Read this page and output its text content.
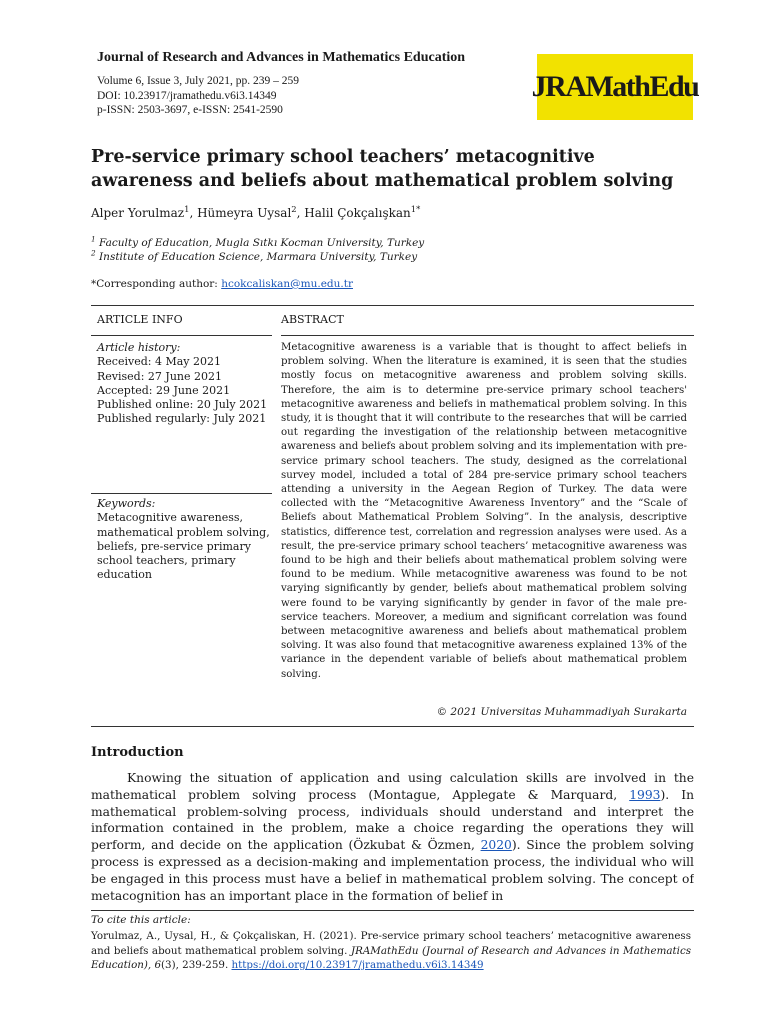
Journal of Research and Advances in Mathematics Education
Volume 6, Issue 3, July 2021, pp. 239 – 259
DOI: 10.23917/jramathedu.v6i3.14349
p-ISSN: 2503-3697, e-ISSN: 2541-2590
JRAMathEdu
Pre-service primary school teachers’ metacognitive awareness and beliefs about mathematical problem solving
Alper Yorulmaz$^1$, Hümeyra Uysal$^2$, Halil Çokçalışkan$^{1*}$
$^1$ Faculty of Education, Mugla Sıtkı Kocman University, Turkey
$^2$ Institute of Education Science, Marmara University, Turkey
*Corresponding author: hcokcaliskan@mu.edu.tr
ARTICLE INFO	ABSTRACT
Article history:
Received: 4 May 2021
Revised: 27 June 2021
Accepted: 29 June 2021
Published online: 20 July 2021
Published regularly: July 2021
Keywords:
Metacognitive awareness, mathematical problem solving, beliefs, pre-service primary school teachers, primary education
Metacognitive awareness is a variable that is thought to affect beliefs in problem solving. When the literature is examined, it is seen that the studies mostly focus on metacognitive awareness and problem solving skills. Therefore, the aim is to determine pre-service primary school teachers' metacognitive awareness and beliefs in mathematical problem solving. In this study, it is thought that it will contribute to the researches that will be carried out regarding the investigation of the relationship between metacognitive awareness and beliefs about problem solving and its implementation with pre-service primary school teachers. The study, designed as the correlational survey model, included a total of 284 pre-service primary school teachers attending a university in the Aegean Region of Turkey. The data were collected with the “Metacognitive Awareness Inventory” and the “Scale of Beliefs about Mathematical Problem Solving”. In the analysis, descriptive statistics, difference test, correlation and regression analyses were used. As a result, the pre-service primary school teachers’ metacognitive awareness was found to be high and their beliefs about mathematical problem solving were found to be medium. While metacognitive awareness was found to be not varying significantly by gender, beliefs about mathematical problem solving were found to be varying significantly by gender in favor of the male pre-service teachers. Moreover, a medium and significant correlation was found between metacognitive awareness and beliefs about mathematical problem solving. It was also found that metacognitive awareness explained 13% of the variance in the dependent variable of beliefs about mathematical problem solving.
© 2021 Universitas Muhammadiyah Surakarta
Introduction
Knowing the situation of application and using calculation skills are involved in the mathematical problem solving process (Montague, Applegate & Marquard, 1993). In mathematical problem-solving process, individuals should understand and interpret the information contained in the problem, make a choice regarding the operations they will perform, and decide on the application (Özkubat & Özmen, 2020). Since the problem solving process is expressed as a decision-making and implementation process, the individual who will be engaged in this process must have a belief in mathematical problem solving. The concept of metacognition has an important place in the formation of belief in
To cite this article:
Yorulmaz, A., Uysal, H., & Çokçaliskan, H. (2021). Pre-service primary school teachers’ metacognitive awareness and beliefs about mathematical problem solving. JRAMathEdu (Journal of Research and Advances in Mathematics Education), 6(3), 239-259. https://doi.org/10.23917/jramathedu.v6i3.14349
